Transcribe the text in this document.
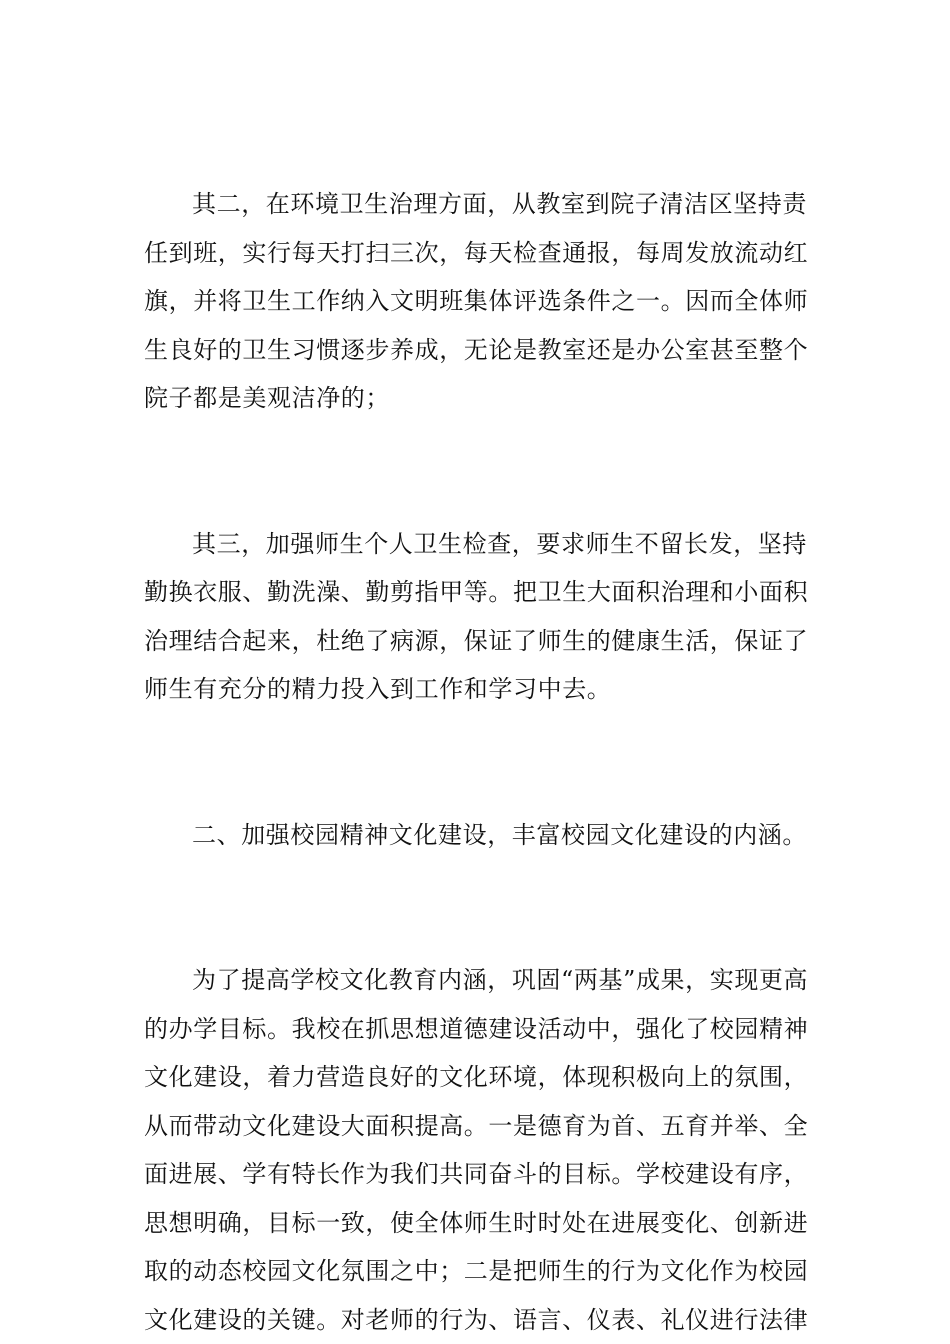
其二，在环境卫生治理方面，从教室到院子清洁区坚持责任到班，实行每天打扫三次，每天检查通报，每周发放流动红旗，并将卫生工作纳入文明班集体评选条件之一。因而全体师生良好的卫生习惯逐步养成，无论是教室还是办公室甚至整个院子都是美观洁净的；

其三，加强师生个人卫生检查，要求师生不留长发，坚持勤换衣服、勤洗澡、勤剪指甲等。把卫生大面积治理和小面积治理结合起来，杜绝了病源，保证了师生的健康生活，保证了师生有充分的精力投入到工作和学习中去。

二、加强校园精神文化建设，丰富校园文化建设的内涵。

为了提高学校文化教育内涵，巩固“两基”成果，实现更高的办学目标。我校在抓思想道德建设活动中，强化了校园精神文化建设，着力营造良好的文化环境，体现积极向上的氛围，从而带动文化建设大面积提高。一是德育为首、五育并举、全面进展、学有特长作为我们共同奋斗的目标。学校建设有序，思想明确，目标一致，使全体师生时时处在进展变化、创新进取的动态校园文化氛围之中；二是把师生的行为文化作为校园文化建设的关键。对老师的行为、语言、仪表、礼仪进行法律
